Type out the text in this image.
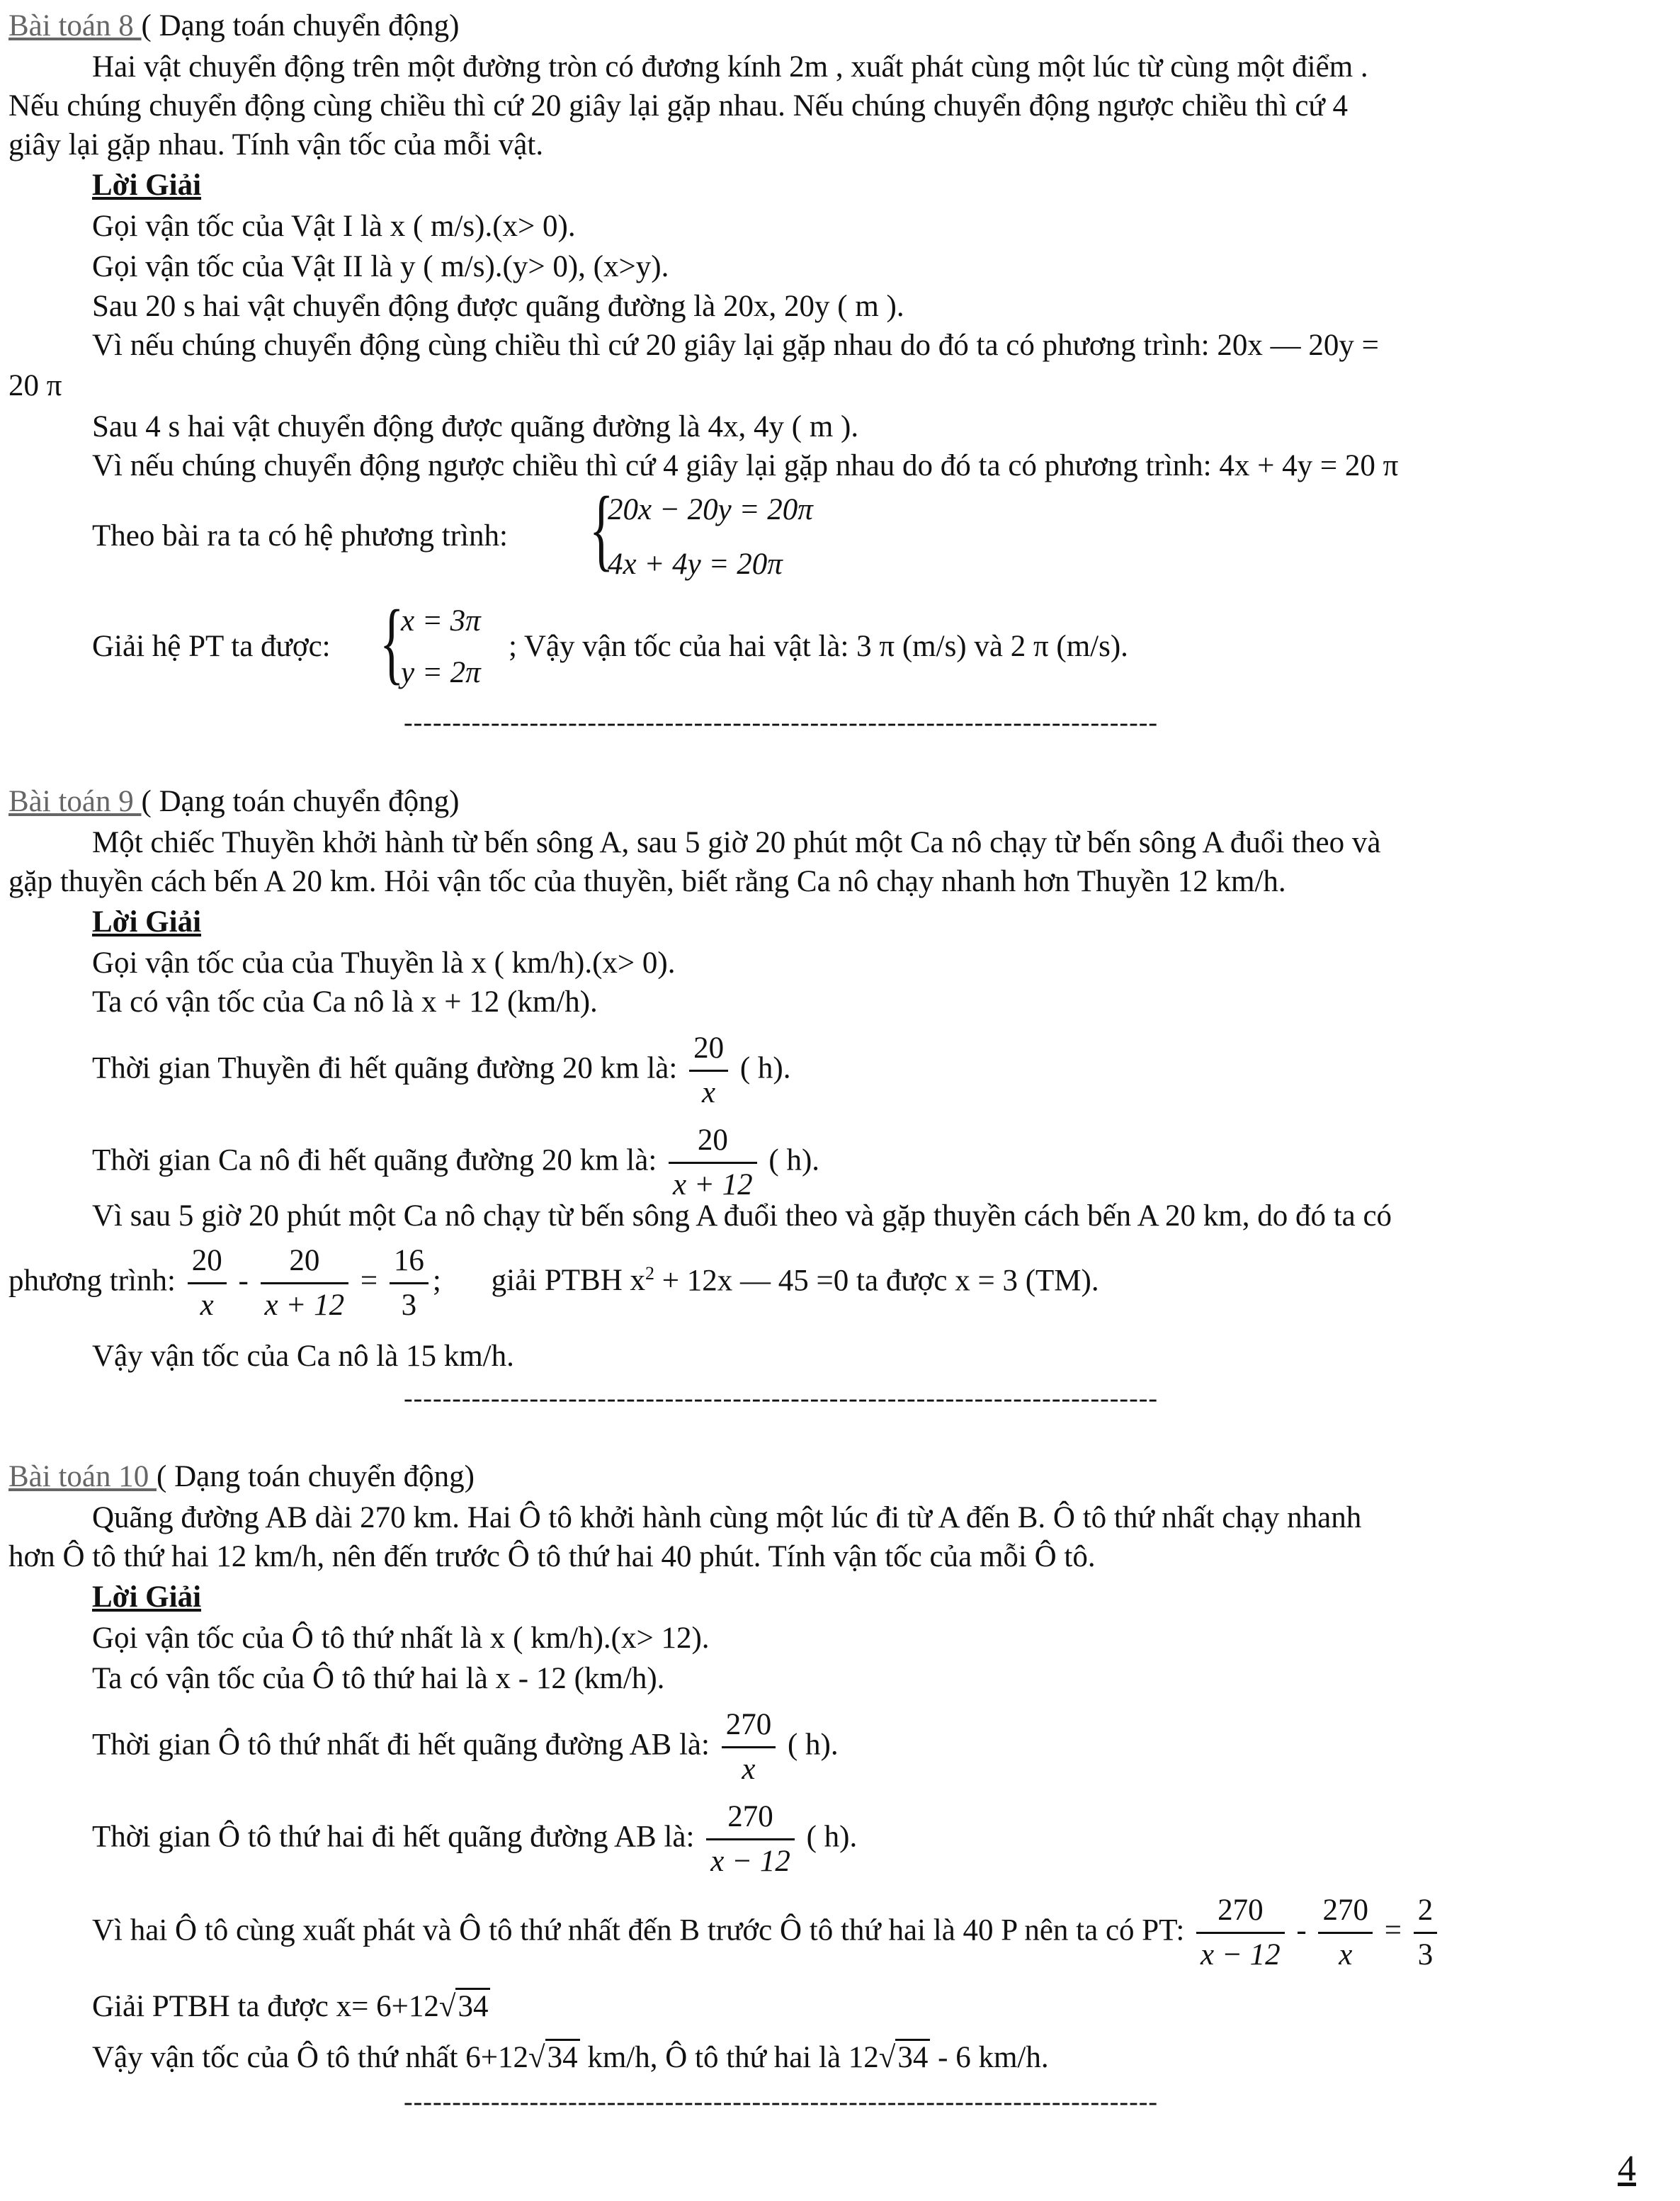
Bài toán 8 ( Dạng toán chuyển động)
Hai vật chuyển động trên một đường tròn có đương kính 2m , xuất phát cùng một lúc từ cùng một điểm .
Nếu chúng chuyển động cùng chiều thì cứ 20 giây lại gặp nhau. Nếu chúng chuyển động ngược chiều thì cứ 4
giây lại gặp nhau. Tính vận tốc của mỗi vật.
Lời Giải
Gọi vận tốc của Vật I là x ( m/s).(x> 0).
Gọi vận tốc của Vật II là y ( m/s).(y> 0), (x>y).
Sau 20 s hai vật chuyển động được quãng đường là 20x, 20y ( m ).
Vì nếu chúng chuyển động cùng chiều thì cứ 20 giây lại gặp nhau do đó ta có phương trình: 20x — 20y =
20 π
Sau 4 s hai vật chuyển động được quãng đường là 4x, 4y ( m ).
Vì nếu chúng chuyển động ngược chiều thì cứ 4 giây lại gặp nhau do đó ta có phương trình: 4x + 4y = 20 π
Theo bài ra ta có hệ phương trình: {
20x − 20y = 20π
4x + 4y = 20π
Giải hệ PT ta được: {
x = 3π
y = 2π
; Vậy vận tốc của hai vật là: 3 π (m/s) và 2 π (m/s).
------------------------------------------------------------------------------
Bài toán 9 ( Dạng toán chuyển động)
Một chiếc Thuyền khởi hành từ bến sông A, sau 5 giờ 20 phút một Ca nô chạy từ bến sông A đuổi theo và
gặp thuyền cách bến A 20 km. Hỏi vận tốc của thuyền, biết rằng Ca nô chạy nhanh hơn Thuyền 12 km/h.
Lời Giải
Gọi vận tốc của của Thuyền là x ( km/h).(x> 0).
Ta có vận tốc của Ca nô là x + 12 (km/h).
Thời gian Thuyền đi hết quãng đường 20 km là: $\frac{20}{x}$ ( h).
Thời gian Ca nô đi hết quãng đường 20 km là: $\frac{20}{x + 12}$ ( h).
Vì sau 5 giờ 20 phút một Ca nô chạy từ bến sông A đuổi theo và gặp thuyền cách bến A 20 km, do đó ta có
phương trình: $\frac{20}{x} - \frac{20}{x + 12} = \frac{16}{3}$ ; giải PTBH $x^2 + 12x$ — 45 =0 ta được x = 3 (TM).
Vậy vận tốc của Ca nô là 15 km/h.
------------------------------------------------------------------------------
Bài toán 10 ( Dạng toán chuyển động)
Quãng đường AB dài 270 km. Hai Ô tô khởi hành cùng một lúc đi từ A đến B. Ô tô thứ nhất chạy nhanh
hơn Ô tô thứ hai 12 km/h, nên đến trước Ô tô thứ hai 40 phút. Tính vận tốc của mỗi Ô tô.
Lời Giải
Gọi vận tốc của Ô tô thứ nhất là x ( km/h).(x> 12).
Ta có vận tốc của Ô tô thứ hai là x - 12 (km/h).
Thời gian Ô tô thứ nhất đi hết quãng đường AB là: $\frac{270}{x}$ ( h).
Thời gian Ô tô thứ hai đi hết quãng đường AB là: $\frac{270}{x - 12}$ ( h).
Vì hai Ô tô cùng xuất phát và Ô tô thứ nhất đến B trước Ô tô thứ hai là 40 P nên ta có PT: $\frac{270}{x - 12} - \frac{270}{x} = \frac{2}{3}$
Giải PTBH ta được x= 6+12√34
Vậy vận tốc của Ô tô thứ nhất 6+12√34 km/h, Ô tô thứ hai là 12√34 - 6 km/h.
------------------------------------------------------------------------------
4
